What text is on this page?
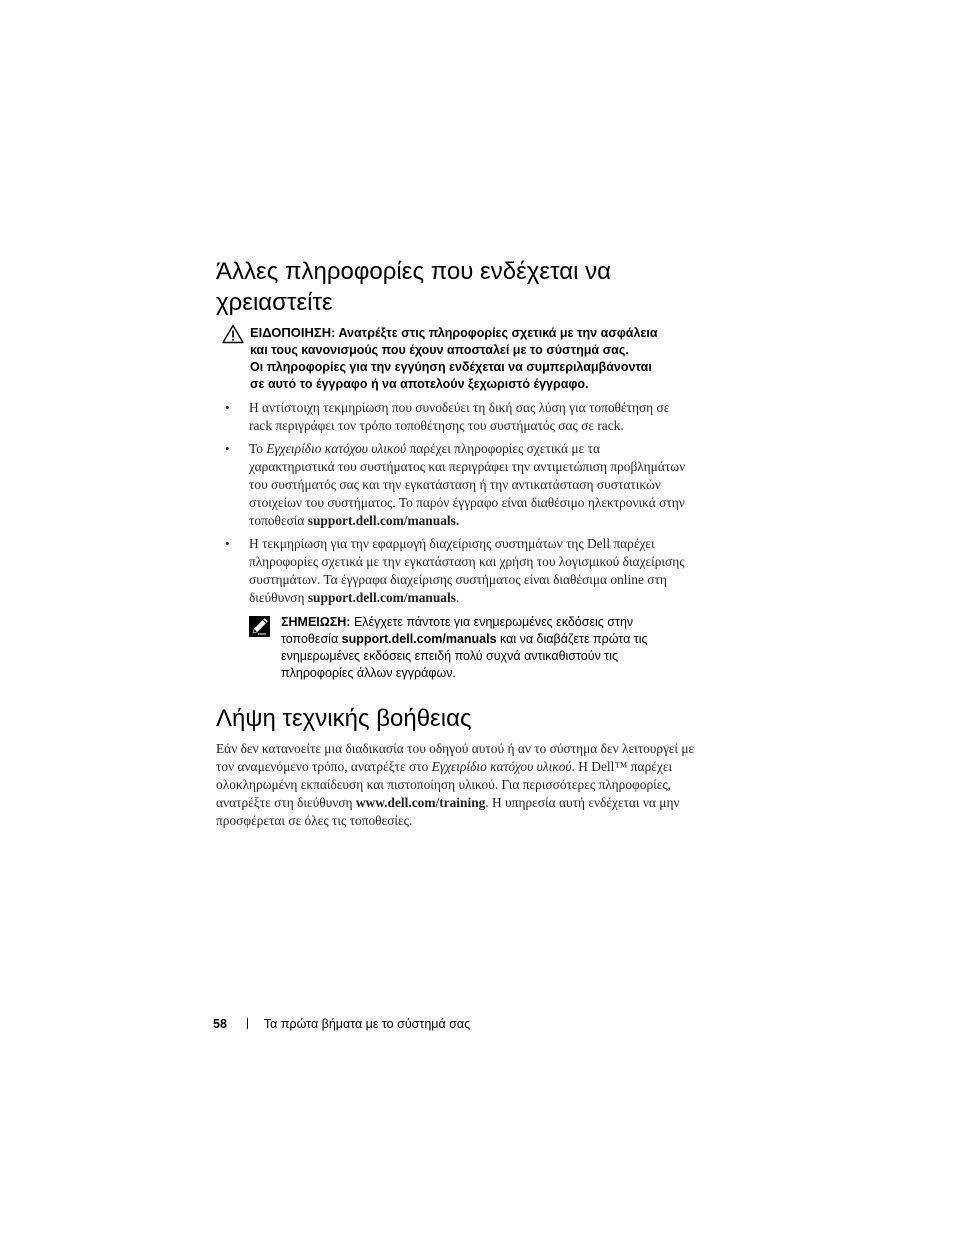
Άλλες πληροφορίες που ενδέχεται να
χρειαστείτε
ΕΙΔΟΠΟΙΗΣΗ: Ανατρέξτε στις πληροφορίες σχετικά με την ασφάλεια
και τους κανονισμούς που έχουν αποσταλεί με το σύστημά σας.
Οι πληροφορίες για την εγγύηση ενδέχεται να συμπεριλαμβάνονται
σε αυτό το έγγραφο ή να αποτελούν ξεχωριστό έγγραφο.
• Η αντίστοιχη τεκμηρίωση που συνοδεύει τη δική σας λύση για τοποθέτηση σε
rack περιγράφει τον τρόπο τοποθέτησης του συστήματός σας σε rack.
• Το Εγχειρίδιο κατόχου υλικού παρέχει πληροφορίες σχετικά με τα
χαρακτηριστικά του συστήματος και περιγράφει την αντιμετώπιση προβλημάτων
του συστήματός σας και την εγκατάσταση ή την αντικατάσταση συστατικών
στοιχείων του συστήματος. Το παρόν έγγραφο είναι διαθέσιμο ηλεκτρονικά στην
τοποθεσία support.dell.com/manuals.
• Η τεκμηρίωση για την εφαρμογή διαχείρισης συστημάτων της Dell παρέχει
πληροφορίες σχετικά με την εγκατάσταση και χρήση του λογισμικού διαχείρισης
συστημάτων. Τα έγγραφα διαχείρισης συστήματος είναι διαθέσιμα online στη
διεύθυνση support.dell.com/manuals.
ΣΗΜΕΙΩΣΗ: Ελέγχετε πάντοτε για ενημερωμένες εκδόσεις στην
τοποθεσία support.dell.com/manuals και να διαβάζετε πρώτα τις
ενημερωμένες εκδόσεις επειδή πολύ συχνά αντικαθιστούν τις
πληροφορίες άλλων εγγράφων.
Λήψη τεχνικής βοήθειας

Εάν δεν κατανοείτε μια διαδικασία του οδηγού αυτού ή αν το σύστημα δεν λειτουργεί με
τον αναμενόμενο τρόπο, ανατρέξτε στο Εγχειρίδιο κατόχου υλικού. Η Dell™ παρέχει
ολοκληρωμένη εκπαίδευση και πιστοποίηση υλικού. Για περισσότερες πληροφορίες,
ανατρέξτε στη διεύθυνση www.dell.com/training. Η υπηρεσία αυτή ενδέχεται να μην
προσφέρεται σε όλες τις τοποθεσίες.

58	Τα πρώτα βήματα με το σύστημά σας
